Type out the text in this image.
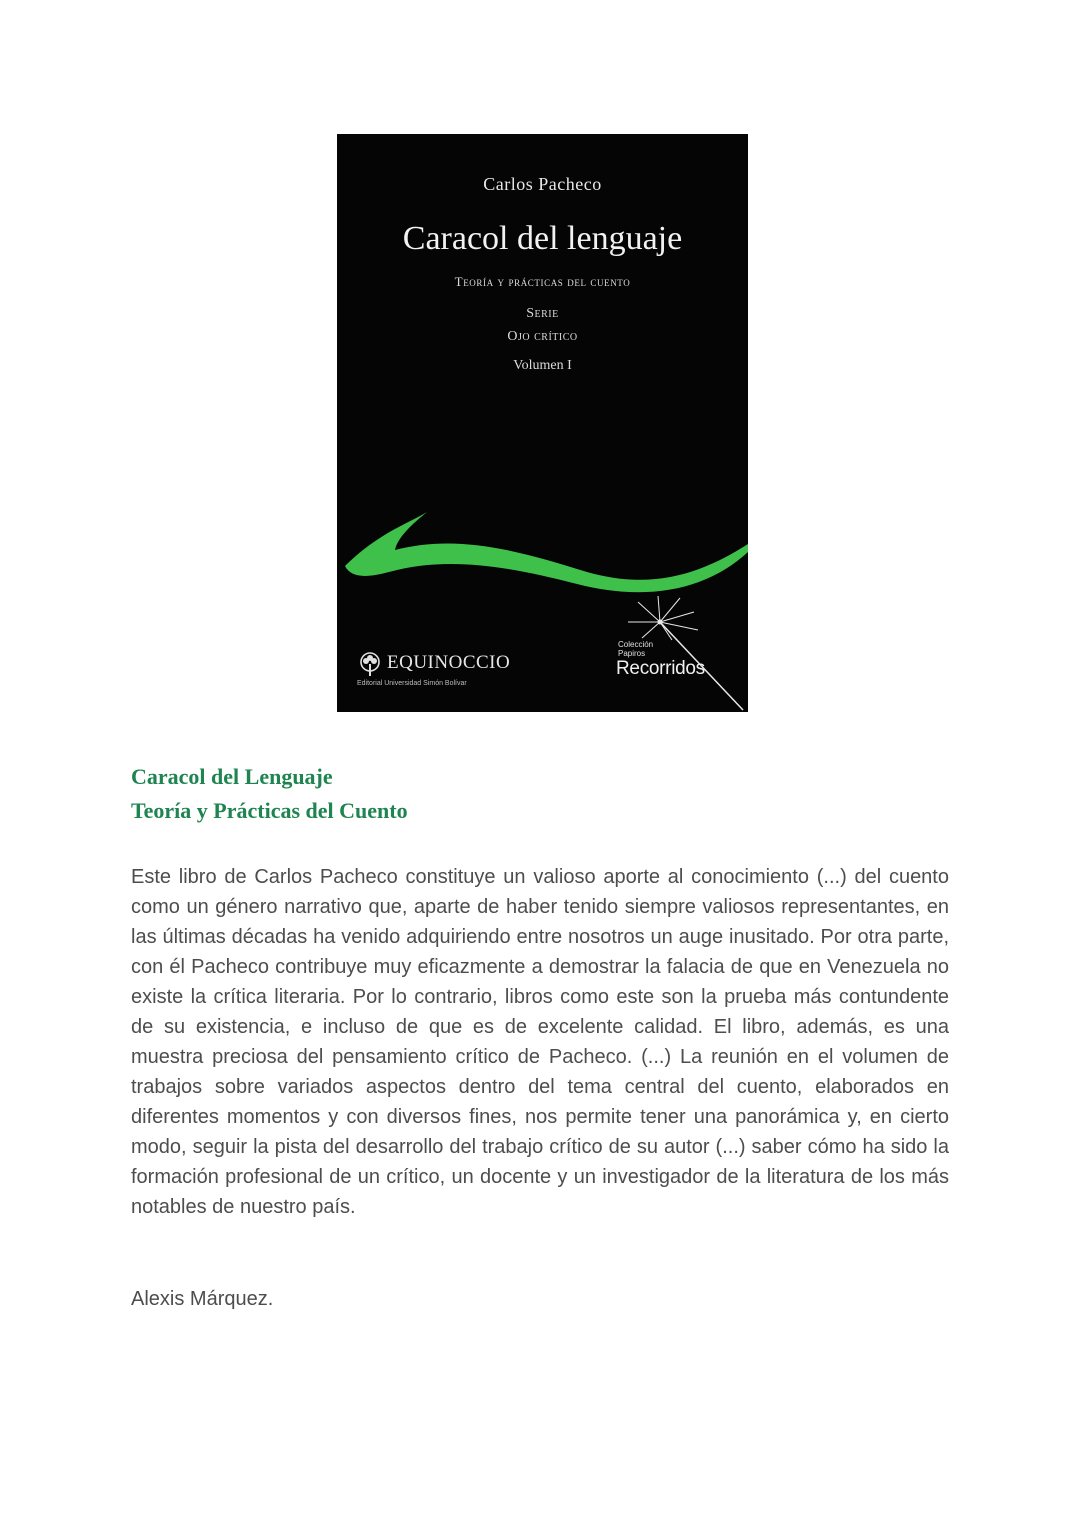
Carlos Pacheco
Caracol del lenguaje
Teoría y prácticas del cuento
Serie
Ojo crítico
Volumen I
EQUINOCCIO
Editorial Universidad Simón Bolívar
Colección Papiros
Recorridos
Caracol del Lenguaje
Teoría y Prácticas del Cuento

Este libro de Carlos Pacheco constituye un valioso aporte al conocimiento (...) del cuento como un género narrativo que, aparte de haber tenido siempre valiosos representantes, en las últimas décadas ha venido adquiriendo entre nosotros un auge inusitado. Por otra parte, con él Pacheco contribuye muy eficazmente a demostrar la falacia de que en Venezuela no existe la crítica literaria. Por lo contrario, libros como este son la prueba más contundente de su existencia, e incluso de que es de excelente calidad. El libro, además, es una muestra preciosa del pensamiento crítico de Pacheco. (...) La reunión en el volumen de trabajos sobre variados aspectos dentro del tema central del cuento, elaborados en diferentes momentos y con diversos fines, nos permite tener una panorámica y, en cierto modo, seguir la pista del desarrollo del trabajo crítico de su autor (...) saber cómo ha sido la formación profesional de un crítico, un docente y un investigador de la literatura de los más notables de nuestro país.

Alexis Márquez.
